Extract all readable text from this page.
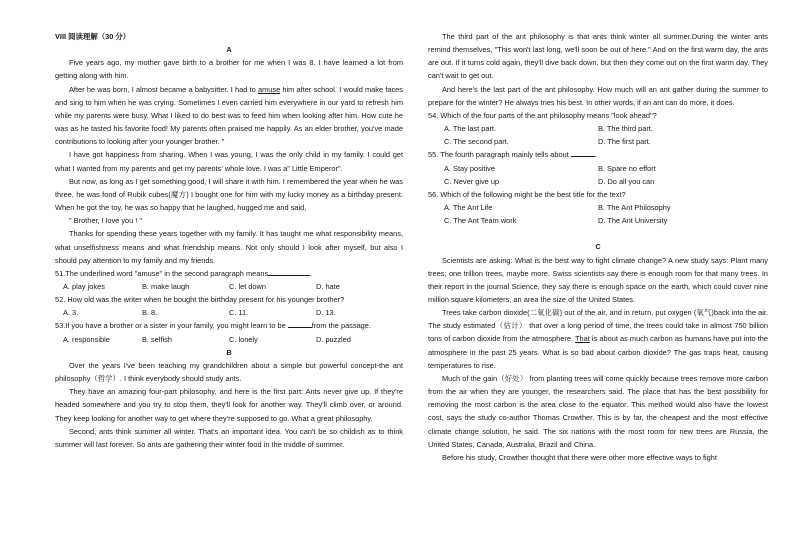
VIII 阅读理解（30 分）

A

Five years ago, my mother gave birth to a brother for me when I was 8. I have learned a lot from getting along with him.

After he was born, I almost became a babysitter. I had to amuse him after school. I would make faces and sing to him when he was crying. Sometimes I even carried him everywhere in our yard to refresh him while my parents were busy. What I liked to do best was to feed him when looking after him. How cute he was as he tasted his favorite food! My parents often praised me happily. As an elder brother, you've made contributions to looking after your younger brother. "

I have got happiness from sharing. When I was young, I was the only child in my family. I could get what I wanted from my parents and get my parents' whole love. I was a" Little Emperor".

But now, as long as I get something good, I will share it with him. I remembered the year when he was three, he was fond of Rubik cubes(魔方) I bought one for him with my lucky money as a birthday present. When he got the toy, he was so happy that he laughed, hugged me and said,

" Brother, I love you ! "

Thanks for spending these years together with my family. It has taught me what responsibility means, what unselfishness means and what friendship means. Not only should I look after myself, but also I should pay attention to my family and my friends.

51.The underlined word "amuse" in the second paragraph means	.

A. play jokes	B. make laugh	C. let down	D. hate

52. How old was the writer when he bought the birthday present for his younger brother?

A. 3.	B. 8.	C. 11.	D. 13.

53.If you have a brother or a sister in your family, you might learn to be	from the passage.

A. responsible	B. selfish	C. lonely	D. puzzled

B

Over the years I've been teaching my grandchildren about a simple but powerful concept-the ant philosophy（哲学）. I think everybody should study ants.

They have an amazing four-part philosophy, and here is the first part: Ants never give up. If they're headed somewhere and you try to stop them, they'll look for another way. They'll climb over, or around. They keep looking for another way to get where they're supposed to go. What a great philosophy.

Second, ants think summer all winter. That's an important idea. You can't be so childish as to think summer will last forever. So ants are gathering their winter food in the middle of summer.

The third part of the ant philosophy is that ants think winter all summer.During the winter ants remind themselves, "This won't last long, we'll soon be out of here." And on the first warm day, the ants are out. If it turns cold again, they'll dive back down, but then they come out on the first warm day. They can't wait to get out.

And here's the last part of the ant philosophy. How much will an ant gather during the summer to prepare for the winter? He always tries his best. In other words, if an ant can do more, it does.

54. Which of the four parts of the ant philosophy means "look ahead"?

A. The last part.	B. The third part.

C. The second part.	D. The first part.

55. The fourth paragraph mainly tells about	.

A. Stay positive	B. Spare no effort

C. Never give up	D. Do all you can

56. Which of the following might be the best title for the text?

A. The Ant Life	B. The Ant Philosophy

C. The Ant Team work	D. The Ant University

C

Scientists are asking: What is the best way to fight climate change? A new study says: Plant many trees; one trillion trees, maybe more. Swiss scientists say there is enough room for that many trees. In their report in the journal Science, they say there is enough space on the earth, which could cover nine million square kilometers, an area the size of the United States.

Trees take carbon dioxide(二氧化碳) out of the air, and in return, put oxygen (氧气)back into the air. The study estimated（估计） that over a long period of time, the trees could take in almost 750 billion tons of carbon dioxide from the atmosphere. That is about as much carbon as humans have put into the atmosphere in the past 25 years. What is so bad about carbon dioxide? The gas traps heat, causing temperatures to rise.

Much of the gain（好处） from planting trees will come quickly because trees remove more carbon from the air when they are younger, the researchers said. The place that has the best possibility for removing the most carbon is the area close to the equator. This method would also have the lowest cost, says the study co-author Thomas Crowther. This is by far, the cheapest and the most effective climate change solution, he said. The six nations with the most room for new trees are Russia, the United States, Canada, Australia, Brazil and China.

Before his study, Crowther thought that there were other more effective ways to fight
